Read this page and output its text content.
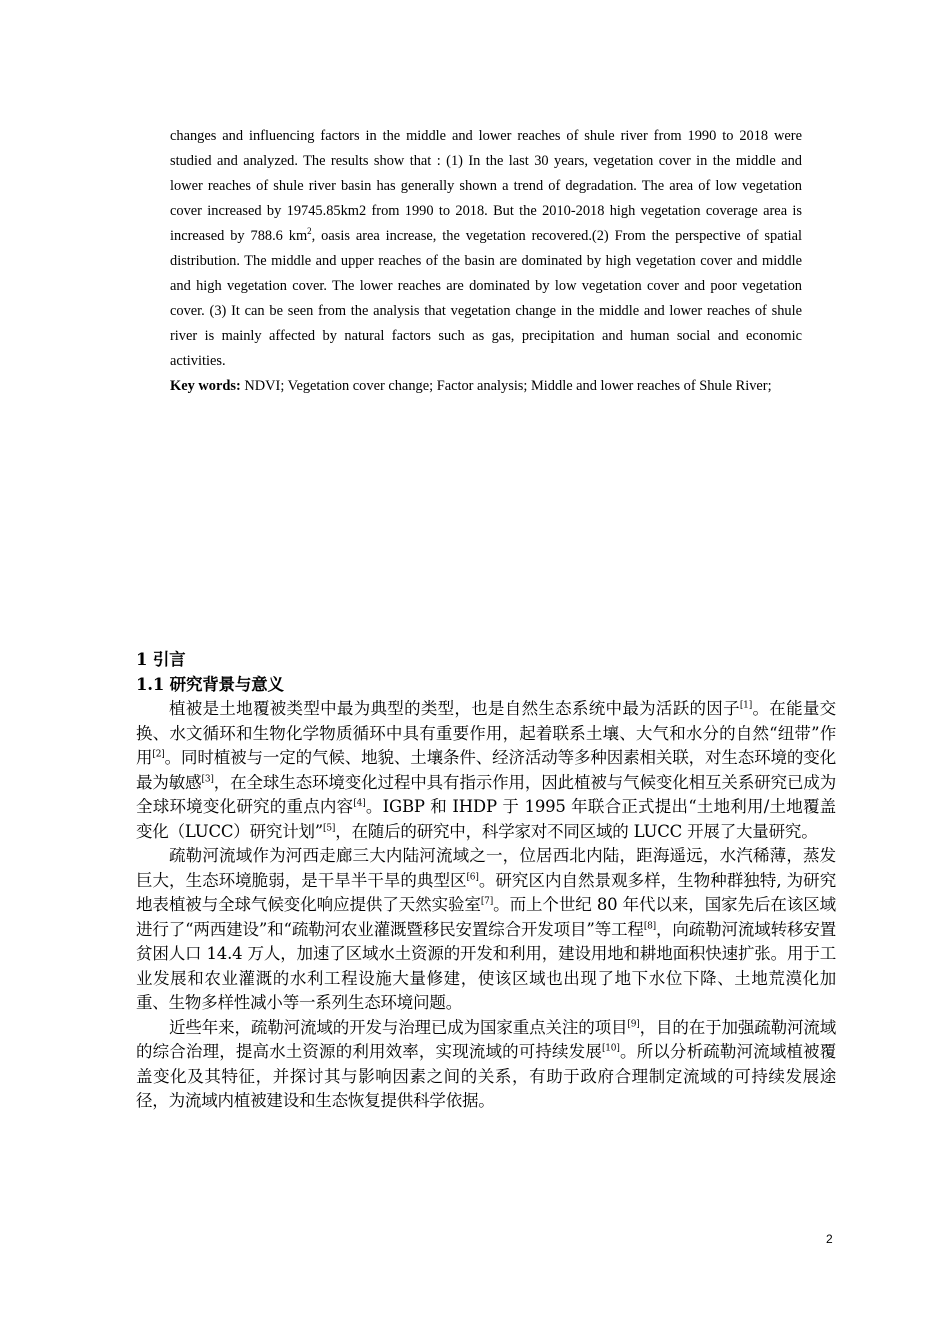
changes and influencing factors in the middle and lower reaches of shule river from 1990 to 2018 were studied and analyzed. The results show that : (1) In the last 30 years, vegetation cover in the middle and lower reaches of shule river basin has generally shown a trend of degradation. The area of low vegetation cover increased by 19745.85km2 from 1990 to 2018. But the 2010-2018 high vegetation coverage area is increased by 788.6 $km^2$, oasis area increase, the vegetation recovered.(2) From the perspective of spatial distribution. The middle and upper reaches of the basin are dominated by high vegetation cover and middle and high vegetation cover. The lower reaches are dominated by low vegetation cover and poor vegetation cover. (3) It can be seen from the analysis that vegetation change in the middle and lower reaches of shule river is mainly affected by natural factors such as gas, precipitation and human social and economic activities.

Key words: NDVI; Vegetation cover change; Factor analysis; Middle and lower reaches of Shule River;

1 引言
1.1 研究背景与意义

植被是土地覆被类型中最为典型的类型，也是自然生态系统中最为活跃的因子[1]。在能量交换、水文循环和生物化学物质循环中具有重要作用，起着联系土壤、大气和水分的自然“纽带”作用[2]。同时植被与一定的气候、地貌、土壤条件、经济活动等多种因素相关联，对生态环境的变化最为敏感[3]，在全球生态环境变化过程中具有指示作用，因此植被与气候变化相互关系研究已成为全球环境变化研究的重点内容[4]。IGBP 和 IHDP 于 1995 年联合正式提出“土地利用/土地覆盖变化（LUCC）研究计划”[5]，在随后的研究中，科学家对不同区域的 LUCC 开展了大量研究。

疏勒河流域作为河西走廊三大内陆河流域之一，位居西北内陆，距海遥远，水汽稀薄，蒸发巨大，生态环境脆弱，是干旱半干旱的典型区[6]。研究区内自然景观多样，生物种群独特, 为研究地表植被与全球气候变化响应提供了天然实验室[7]。而上个世纪 80 年代以来，国家先后在该区域进行了“两西建设”和“疏勒河农业灌溉暨移民安置综合开发项目”等工程[8]，向疏勒河流域转移安置贫困人口 14.4 万人，加速了区域水土资源的开发和利用，建设用地和耕地面积快速扩张。用于工业发展和农业灌溉的水利工程设施大量修建，使该区域也出现了地下水位下降、土地荒漠化加重、生物多样性减小等一系列生态环境问题。

近些年来，疏勒河流域的开发与治理已成为国家重点关注的项目[9]，目的在于加强疏勒河流域的综合治理，提高水土资源的利用效率，实现流域的可持续发展[10]。所以分析疏勒河流域植被覆盖变化及其特征，并探讨其与影响因素之间的关系，有助于政府合理制定流域的可持续发展途径，为流域内植被建设和生态恢复提供科学依据。

2
